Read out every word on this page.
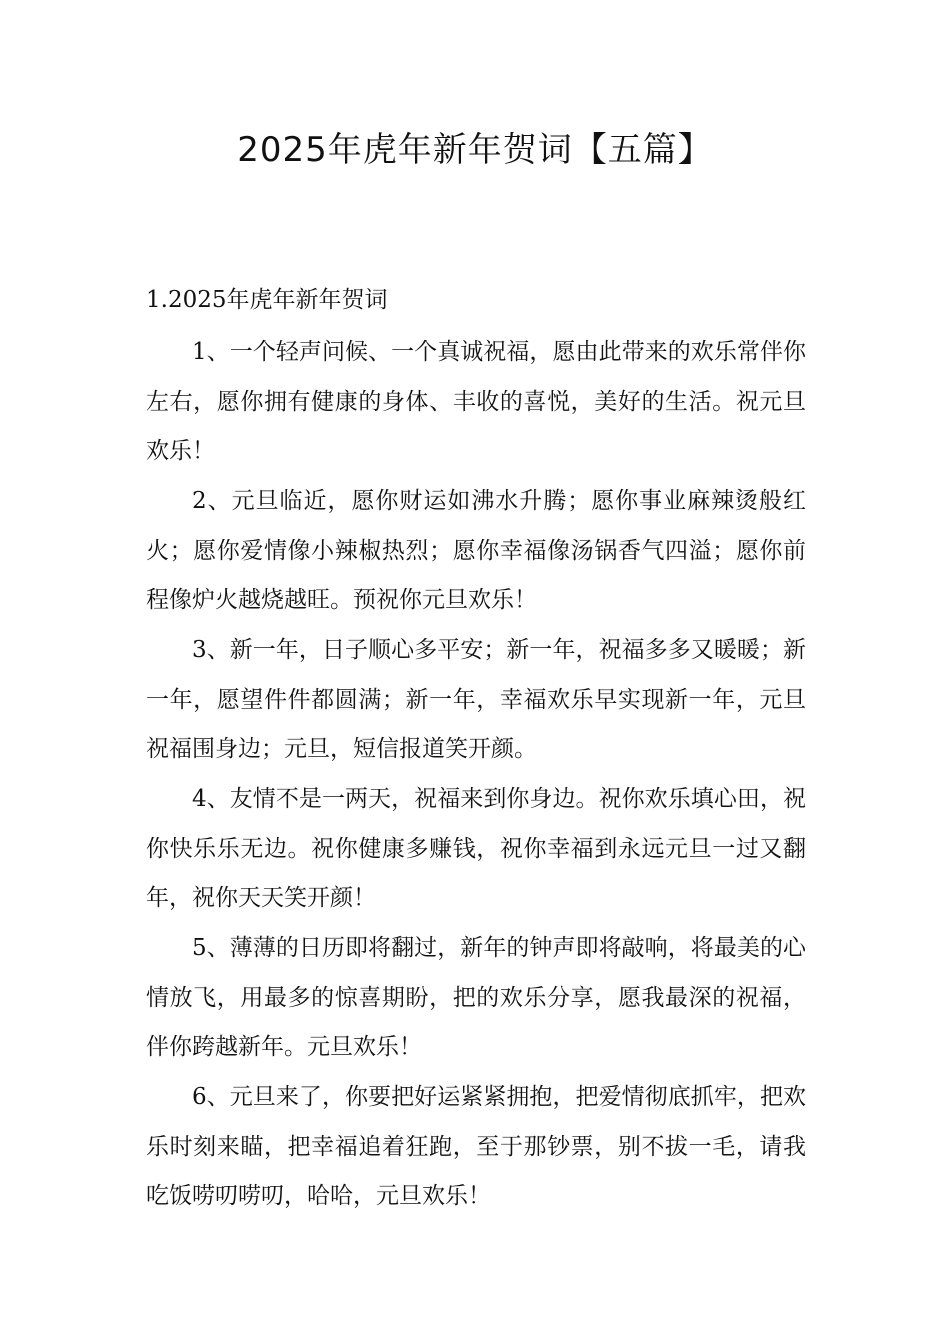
2025年虎年新年贺词【五篇】
1.2025年虎年新年贺词

1、一个轻声问候、一个真诚祝福，愿由此带来的欢乐常伴你左右，愿你拥有健康的身体、丰收的喜悦，美好的生活。祝元旦欢乐！

2、元旦临近，愿你财运如沸水升腾；愿你事业麻辣烫般红火；愿你爱情像小辣椒热烈；愿你幸福像汤锅香气四溢；愿你前程像炉火越烧越旺。预祝你元旦欢乐！

3、新一年，日子顺心多平安；新一年，祝福多多又暖暖；新一年，愿望件件都圆满；新一年，幸福欢乐早实现新一年，元旦祝福围身边；元旦，短信报道笑开颜。

4、友情不是一两天，祝福来到你身边。祝你欢乐填心田，祝你快乐乐无边。祝你健康多赚钱，祝你幸福到永远元旦一过又翻年，祝你天天笑开颜！

5、薄薄的日历即将翻过，新年的钟声即将敲响，将最美的心情放飞，用最多的惊喜期盼，把的欢乐分享，愿我最深的祝福，伴你跨越新年。元旦欢乐！

6、元旦来了，你要把好运紧紧拥抱，把爱情彻底抓牢，把欢乐时刻来瞄，把幸福追着狂跑，至于那钞票，别不拔一毛，请我吃饭唠叨唠叨，哈哈，元旦欢乐！
